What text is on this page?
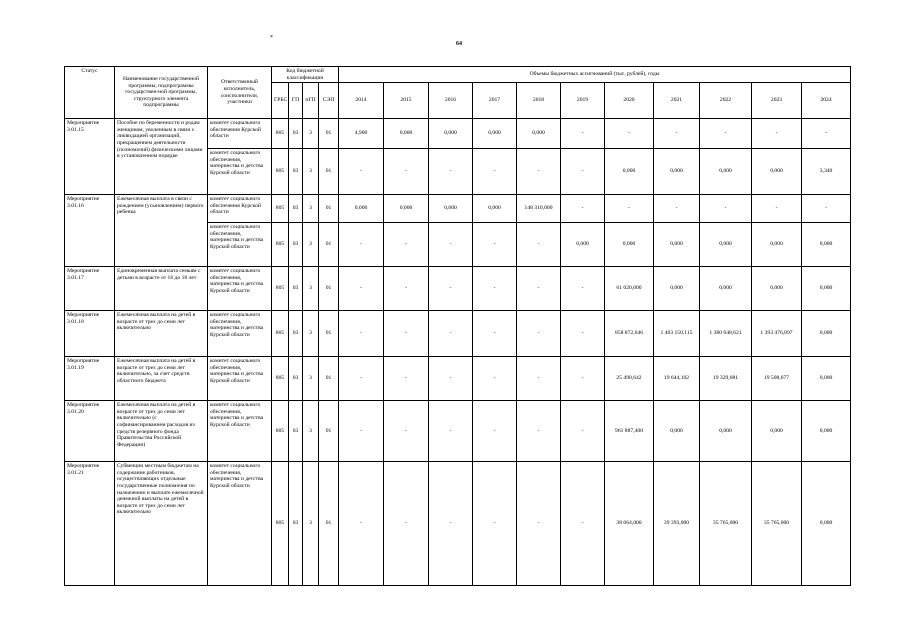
*
64
Статус	Наименование государственной программы, подпрограммы государствен-ной программы, структурного элемента подпрограммы	Ответственный исполнитель, соисполнители, участники	Код бюджетной классификации				Объемы бюджетных ассигнований (тыс. рублей), годы										
			ГРБС	ГП	пГП	СЭП	2014	2015	2016	2017	2018	2019	2020	2021	2022	2023	2024
Мероприятие 3.01.15	Пособие по беременности и родам женщинам, уволенным в связи с ликвидацией организаций, прекращением деятельности (полномочий) физическими лицами в установленном порядке	комитет социального обеспечения Курской области	805	03	3	01	4,900	0,000	0,000	0,000	0,000	-	-	-	-	-	-
		комитет социального обеспечения, материнства и детства Курской области	805	03	3	01	-	-	-	-	-	-	0,000	0,000	0,000	0,000	3,340
Мероприятие 3.01.16	Ежемесячная выплата в связи с рождением (усыновлением) первого ребенка	комитет социального обеспечения Курской области	805	03	3	01	0,000	0,000	0,000	0,000	148 310,000	-	-	-	-	-	-
		комитет социального обеспечения, материнства и детства Курской области	805	03	3	01	-	-	-	-	-	0,000	0,000	0,000	0,000	0,000	0,000
Мероприятие 3.01.17	Единовременная выплата семьям с детьми в возрасте от 16 до 18 лет	комитет социального обеспечения, материнства и детства Курской области	805	03	3	01	-	-	-	-	-	-	61 020,000	0,000	0,000	0,000	0,000
Мероприятие 3.01.18	Ежемесячная выплата на детей в возрасте от трех до семи лет включительно	комитет социального обеспечения, материнства и детства Курской области	805	03	3	01	-	-	-	-	-	-	858 872,646	1 403 150,115	1 380 648,621	1 393 476,897	0,000
Мероприятие 3.01.19	Ежемесячная выплата на детей в возрасте от трех до семи лет включительно, за счет средств областного бюджета	комитет социального обеспечения, материнства и детства Курской области	805	03	3	01	-	-	-	-	-	-	25 490,642	19 644,102	19 329,081	19 508,677	0,000
Мероприятие 3.01.20	Ежемесячная выплата на детей в возрасте от трех до семи лет включительно (с софинансированием расходов из средств резервного фонда Правительства Российской Федерации)	комитет социального обеспечения, материнства и детства Курской области	805	03	3	01	-	-	-	-	-	-	961 887,400	0,000	0,000	0,000	0,000
Мероприятие 3.01.21	Субвенции местным бюджетам на содержание работников, осуществляющих отдельные государственные полномочия по назначению и выплате ежемесячной денежной выплаты на детей в возрасте от трех до семи лет включительно	комитет социального обеспечения, материнства и детства Курской области	805	03	3	01	-	-	-	-	-	-	38 064,000	39 393,000	35 765,000	35 765,000	0,000
